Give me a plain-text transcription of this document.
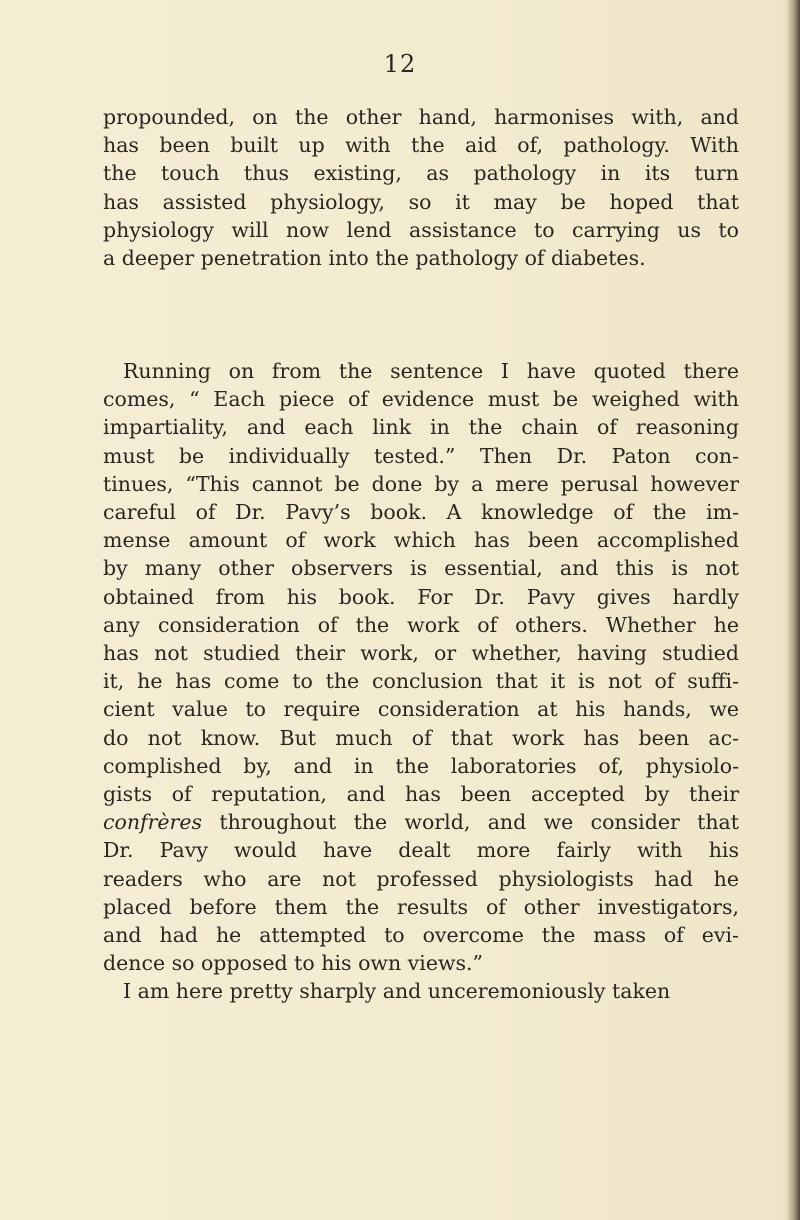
12
propounded, on the other hand, harmonises with, and
has been built up with the aid of, pathology. With
the touch thus existing, as pathology in its turn
has assisted physiology, so it may be hoped that
physiology will now lend assistance to carrying us to
a deeper penetration into the pathology of diabetes.
Running on from the sentence I have quoted there
comes, “ Each piece of evidence must be weighed with
impartiality, and each link in the chain of reasoning
must be individually tested.” Then Dr. Paton con-
tinues, “This cannot be done by a mere perusal however
careful of Dr. Pavy’s book. A knowledge of the im-
mense amount of work which has been accomplished
by many other observers is essential, and this is not
obtained from his book. For Dr. Pavy gives hardly
any consideration of the work of others. Whether he
has not studied their work, or whether, having studied
it, he has come to the conclusion that it is not of suffi-
cient value to require consideration at his hands, we
do not know. But much of that work has been ac-
complished by, and in the laboratories of, physiolo-
gists of reputation, and has been accepted by their
confrères throughout the world, and we consider that
Dr. Pavy would have dealt more fairly with his
readers who are not professed physiologists had he
placed before them the results of other investigators,
and had he attempted to overcome the mass of evi-
dence so opposed to his own views.”
I am here pretty sharply and unceremoniously taken
